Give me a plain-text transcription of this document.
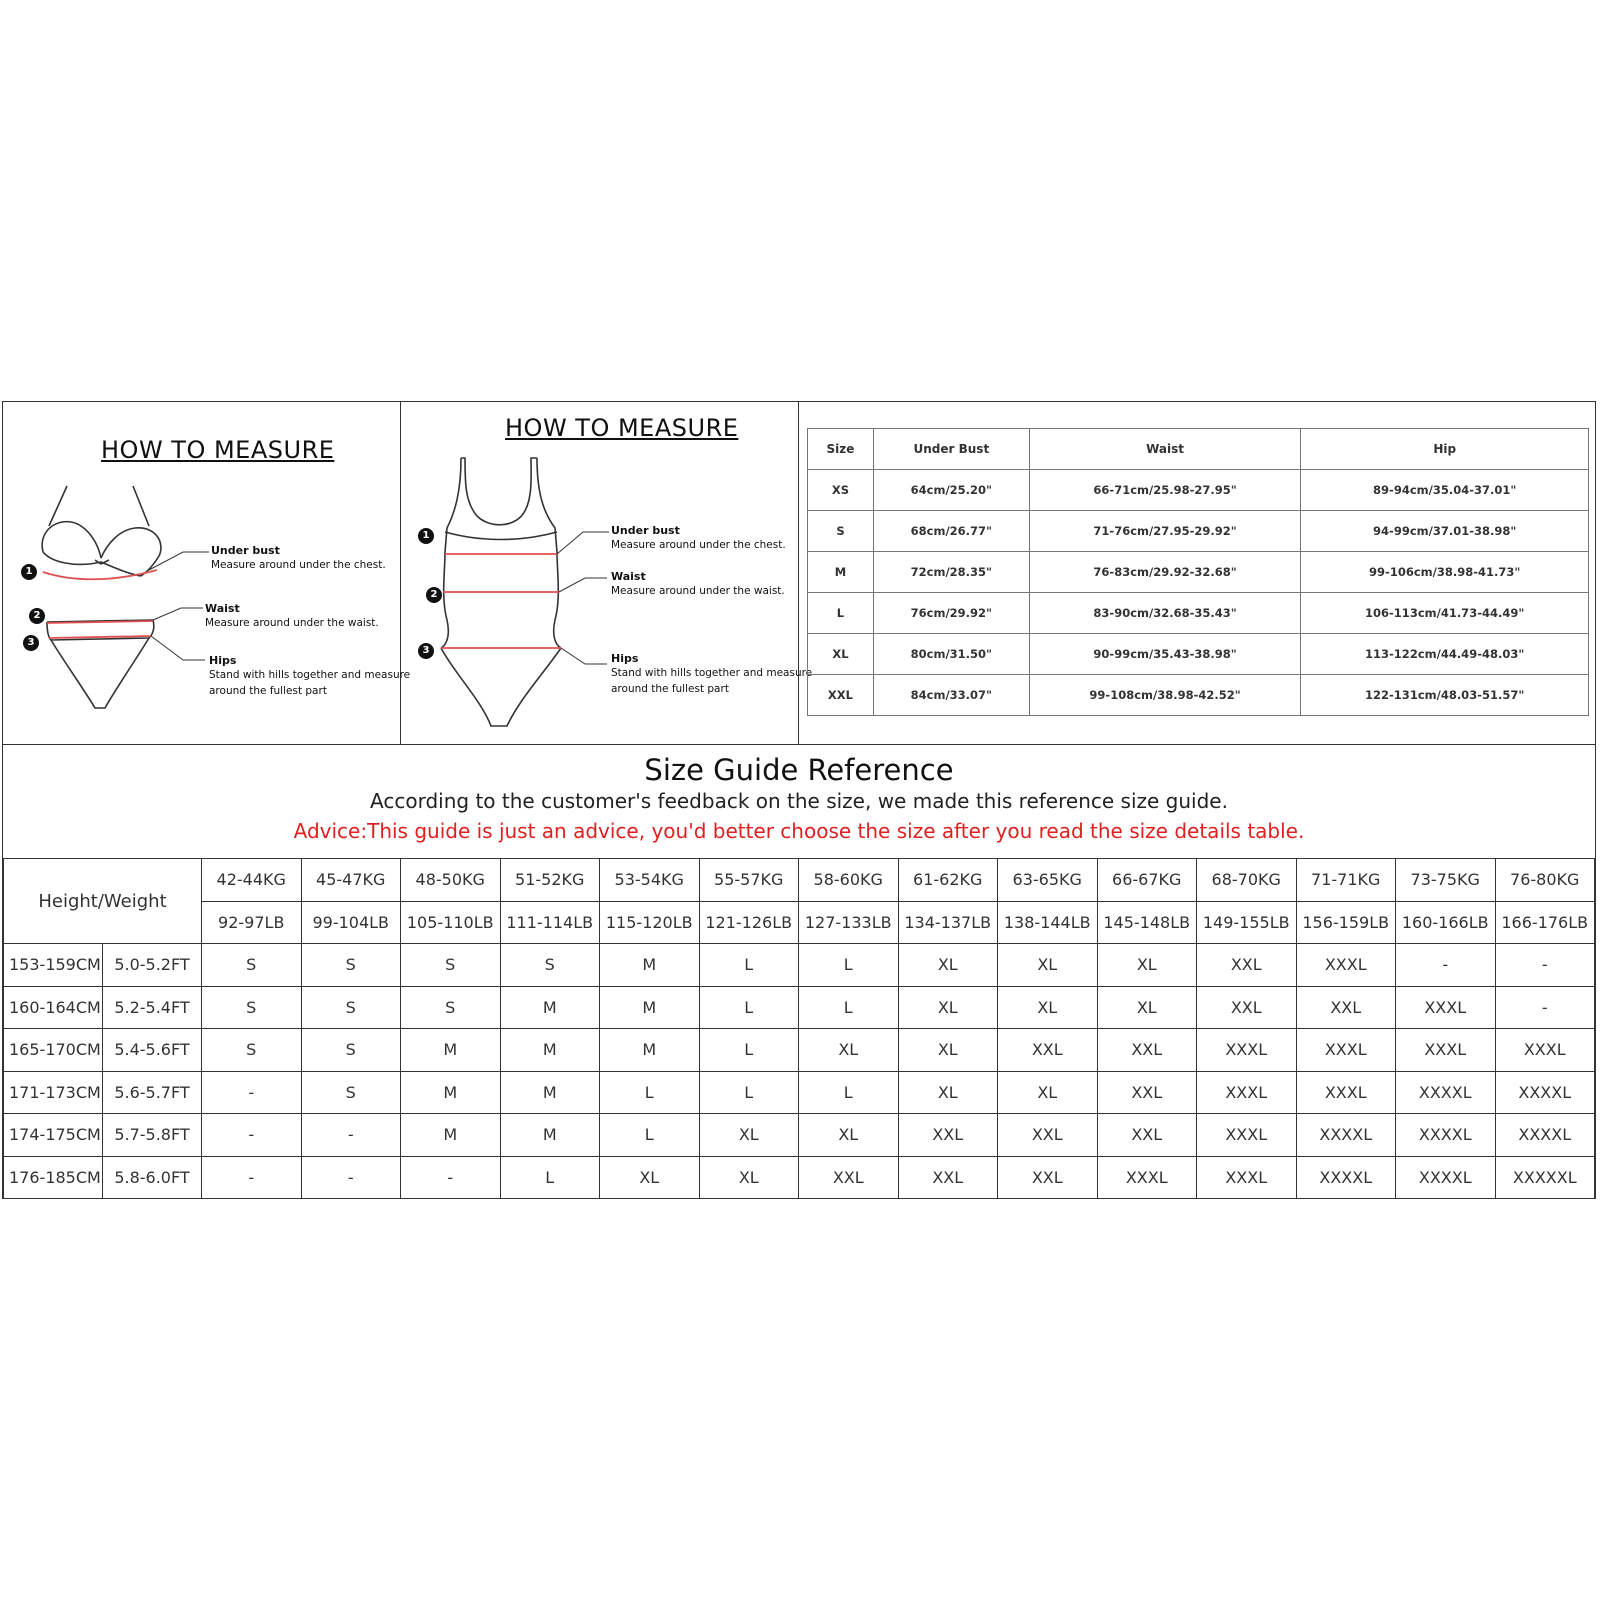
HOW TO MEASURE
1
2
3
Under bust
Measure around under the chest.
Waist
Measure around under the waist.
Hips
Stand with hills together and measure
around the fullest part
HOW TO MEASURE
1
2
3
Under bust
Measure around under the chest.
Waist
Measure around under the waist.
Hips
Stand with hills together and measure
around the fullest part
Size	Under Bust	Waist	Hip
XS	64cm/25.20"	66-71cm/25.98-27.95"	89-94cm/35.04-37.01"
S	68cm/26.77"	71-76cm/27.95-29.92"	94-99cm/37.01-38.98"
M	72cm/28.35"	76-83cm/29.92-32.68"	99-106cm/38.98-41.73"
L	76cm/29.92"	83-90cm/32.68-35.43"	106-113cm/41.73-44.49"
XL	80cm/31.50"	90-99cm/35.43-38.98"	113-122cm/44.49-48.03"
XXL	84cm/33.07"	99-108cm/38.98-42.52"	122-131cm/48.03-51.57"
Size Guide Reference
According to the customer's feedback on the size, we made this reference size guide.
Advice:This guide is just an advice, you'd better choose the size after you read the size details table.
Height/Weight		42-44KG	45-47KG	48-50KG	51-52KG	53-54KG	55-57KG	58-60KG	61-62KG	63-65KG	66-67KG	68-70KG	71-71KG	73-75KG	76-80KG
		92-97LB	99-104LB	105-110LB	111-114LB	115-120LB	121-126LB	127-133LB	134-137LB	138-144LB	145-148LB	149-155LB	156-159LB	160-166LB	166-176LB
153-159CM	5.0-5.2FT	S	S	S	S	M	L	L	XL	XL	XL	XXL	XXXL	-	-
160-164CM	5.2-5.4FT	S	S	S	M	M	L	L	XL	XL	XL	XXL	XXL	XXXL	-
165-170CM	5.4-5.6FT	S	S	M	M	M	L	XL	XL	XXL	XXL	XXXL	XXXL	XXXL	XXXL
171-173CM	5.6-5.7FT	-	S	M	M	L	L	L	XL	XL	XXL	XXXL	XXXL	XXXXL	XXXXL
174-175CM	5.7-5.8FT	-	-	M	M	L	XL	XL	XXL	XXL	XXL	XXXL	XXXXL	XXXXL	XXXXL
176-185CM	5.8-6.0FT	-	-	-	L	XL	XL	XXL	XXL	XXL	XXXL	XXXL	XXXXL	XXXXL	XXXXXL
